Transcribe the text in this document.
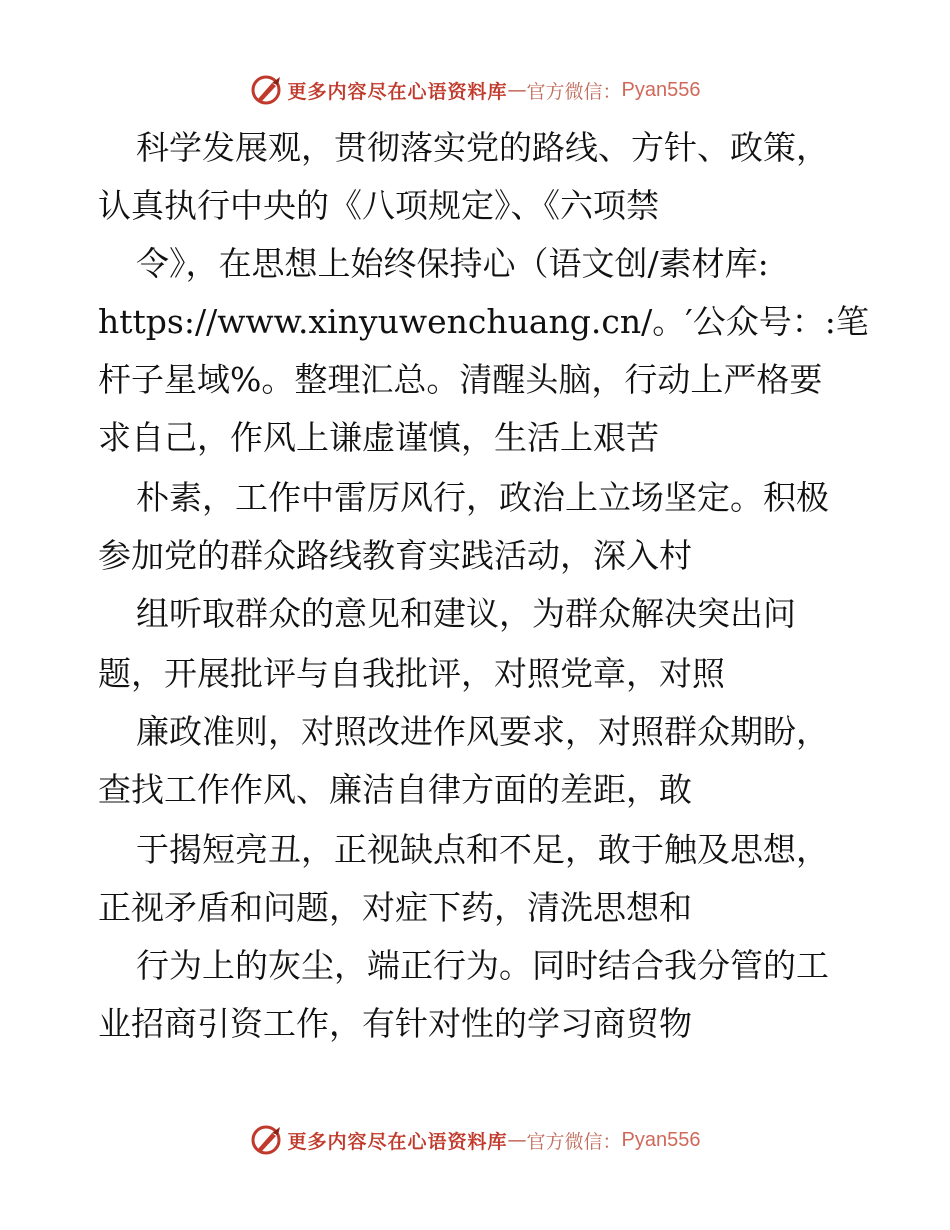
更多内容尽在心语资料库 — 官方微信： Pyan556
科学发展观，贯彻落实党的路线、方针、政策，
认真执行中央的《八项规定》、《六项禁
令》，在思想上始终保持心（语文创/素材库:
https://www.xinyuwenchuang.cn/。′公众号：:笔
杆子星域%。整理汇总。清醒头脑，行动上严格要
求自己，作风上谦虚谨慎，生活上艰苦
朴素，工作中雷厉风行，政治上立场坚定。积极
参加党的群众路线教育实践活动，深入村
组听取群众的意见和建议，为群众解决突出问
题，开展批评与自我批评，对照党章，对照
廉政准则，对照改进作风要求，对照群众期盼，
查找工作作风、廉洁自律方面的差距，敢
于揭短亮丑，正视缺点和不足，敢于触及思想，
正视矛盾和问题，对症下药，清洗思想和
行为上的灰尘，端正行为。同时结合我分管的工
业招商引资工作，有针对性的学习商贸物
更多内容尽在心语资料库 — 官方微信： Pyan556
